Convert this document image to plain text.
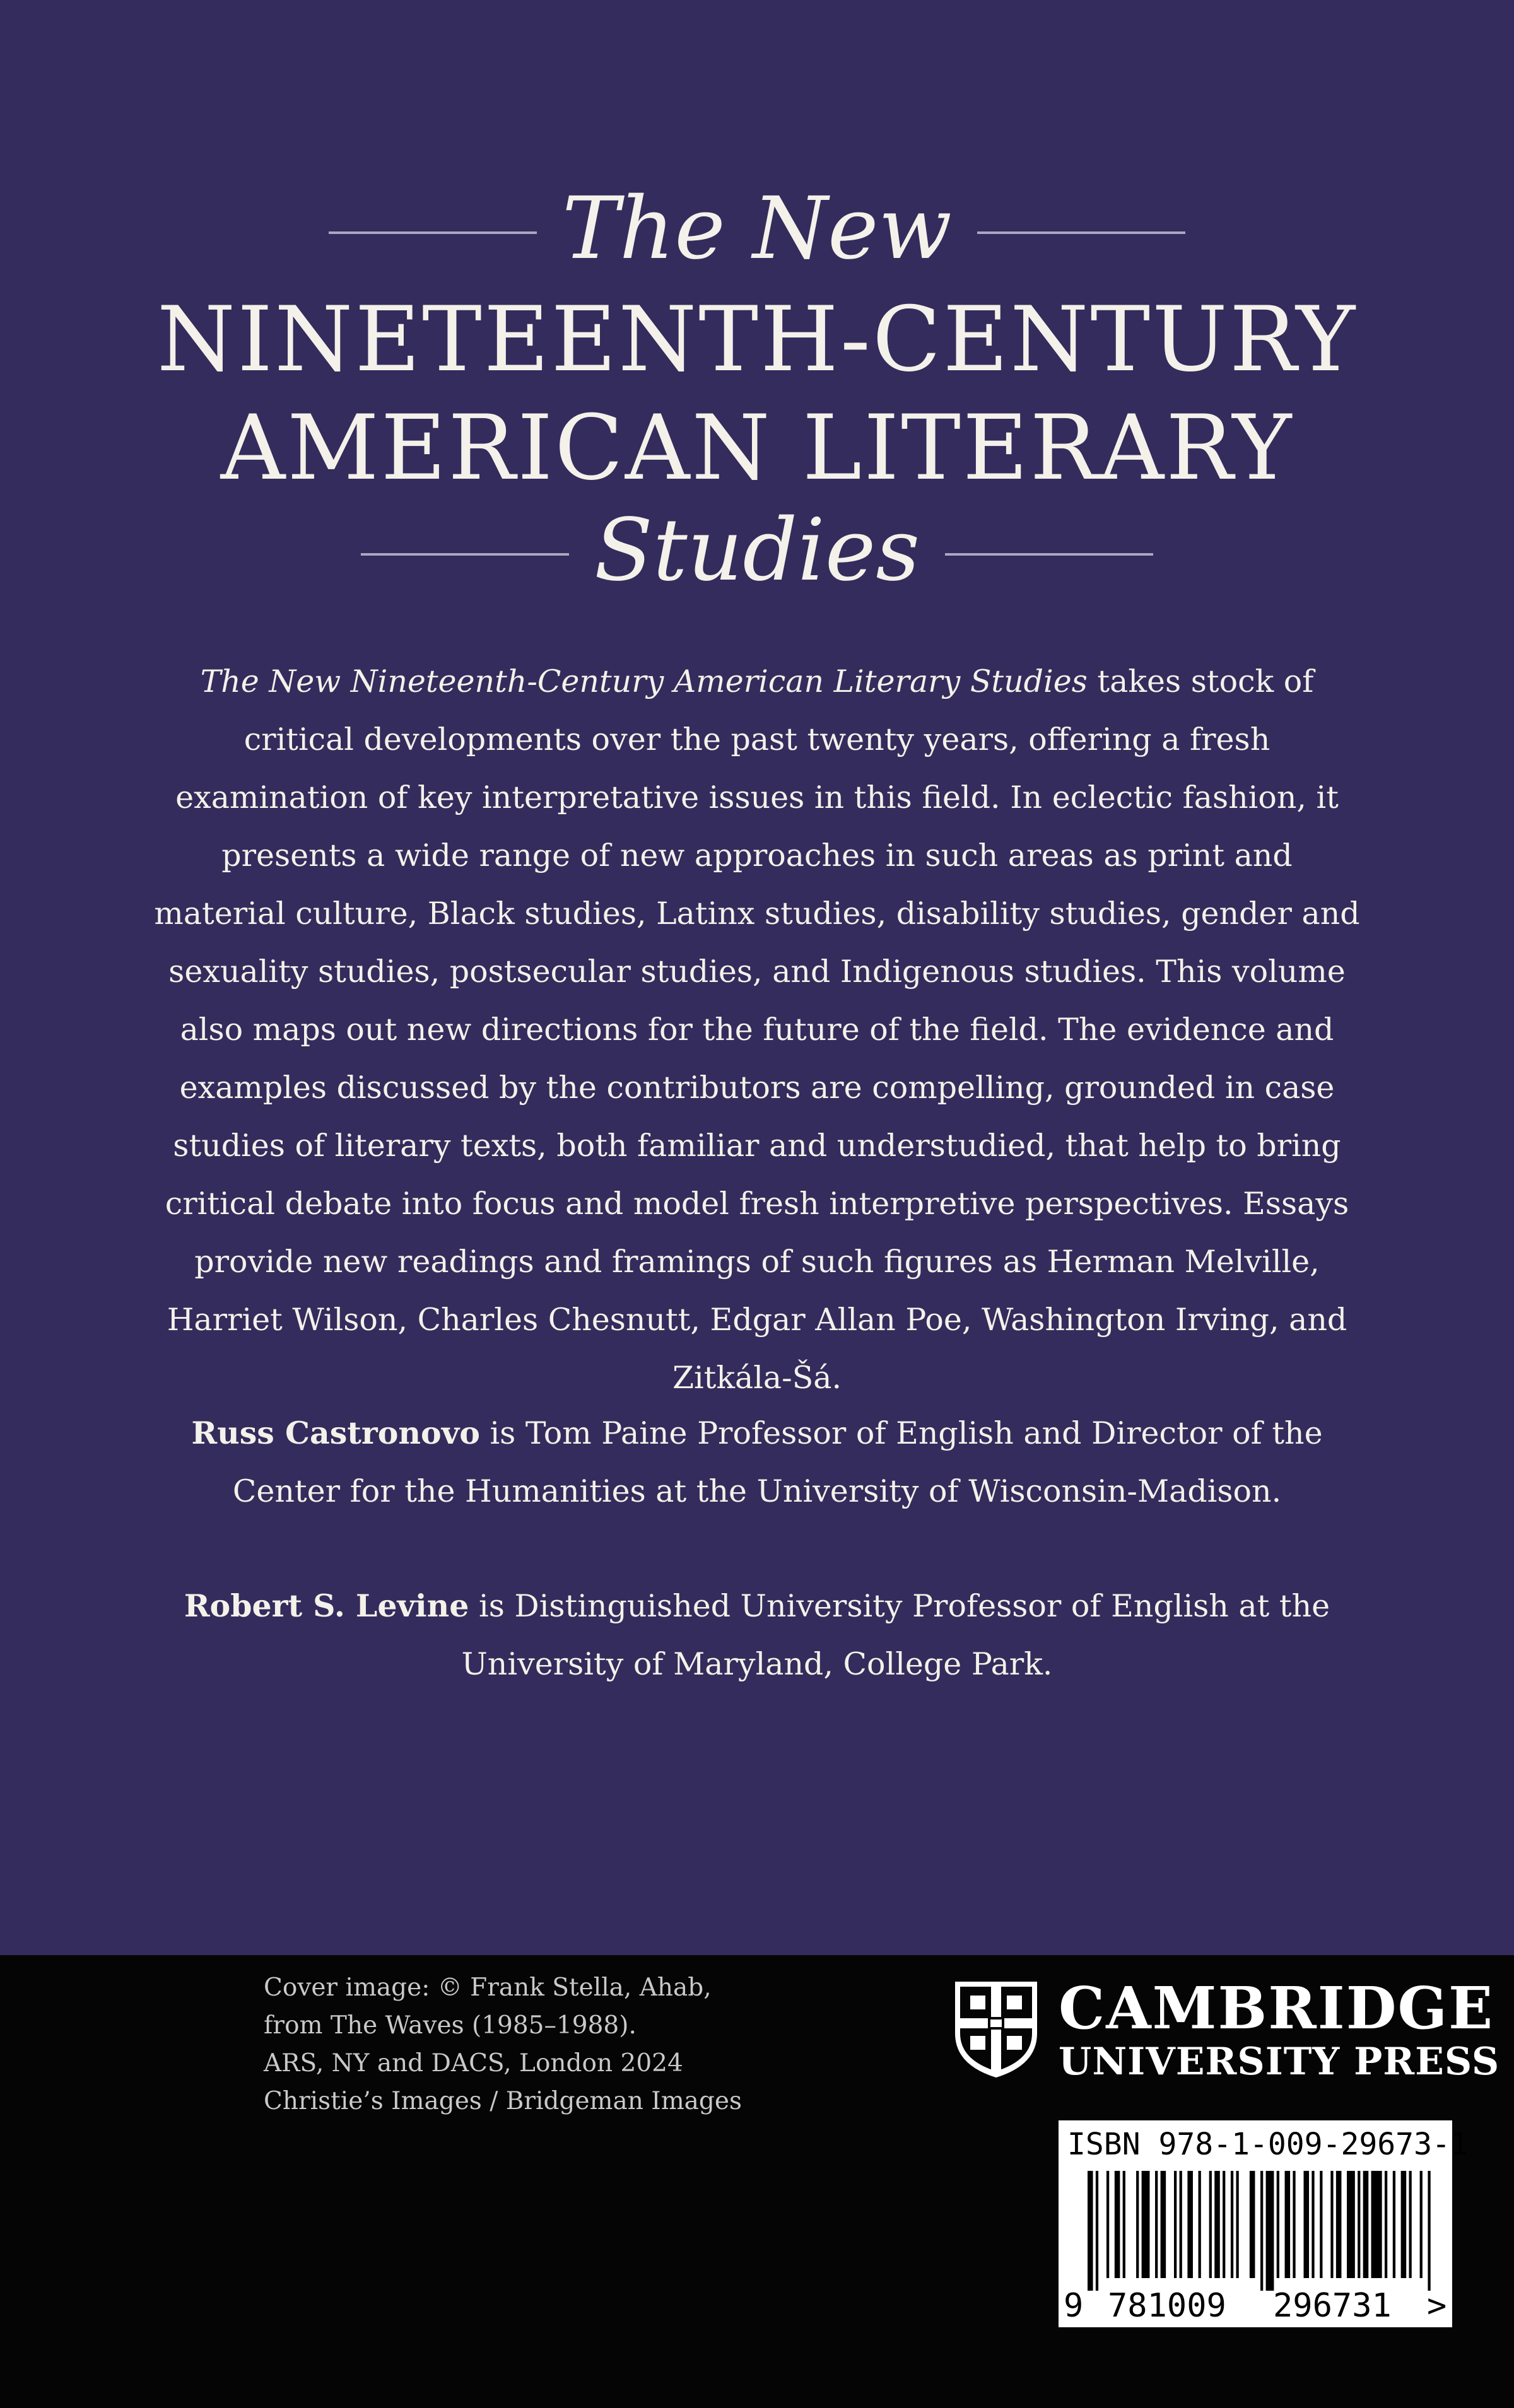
The New
NINETEENTH-CENTURY
AMERICAN LITERARY
Studies
The New Nineteenth-Century American Literary Studies takes stock of critical developments over the past twenty years, offering a fresh examination of key interpretative issues in this field. In eclectic fashion, it presents a wide range of new approaches in such areas as print and material culture, Black studies, Latinx studies, disability studies, gender and sexuality studies, postsecular studies, and Indigenous studies. This volume also maps out new directions for the future of the field. The evidence and examples discussed by the contributors are compelling, grounded in case studies of literary texts, both familiar and understudied, that help to bring critical debate into focus and model fresh interpretive perspectives. Essays provide new readings and framings of such figures as Herman Melville, Harriet Wilson, Charles Chesnutt, Edgar Allan Poe, Washington Irving, and Zitkála-Šá.
Russ Castronovo is Tom Paine Professor of English and Director of the Center for the Humanities at the University of Wisconsin-Madison.
Robert S. Levine is Distinguished University Professor of English at the University of Maryland, College Park.
Cover image: © Frank Stella, Ahab,
from The Waves (1985–1988).
ARS, NY and DACS, London 2024
Christie’s Images / Bridgeman Images
CAMBRIDGE
UNIVERSITY PRESS
ISBN 978-1-009-29673-1
9 781009 296731 >
